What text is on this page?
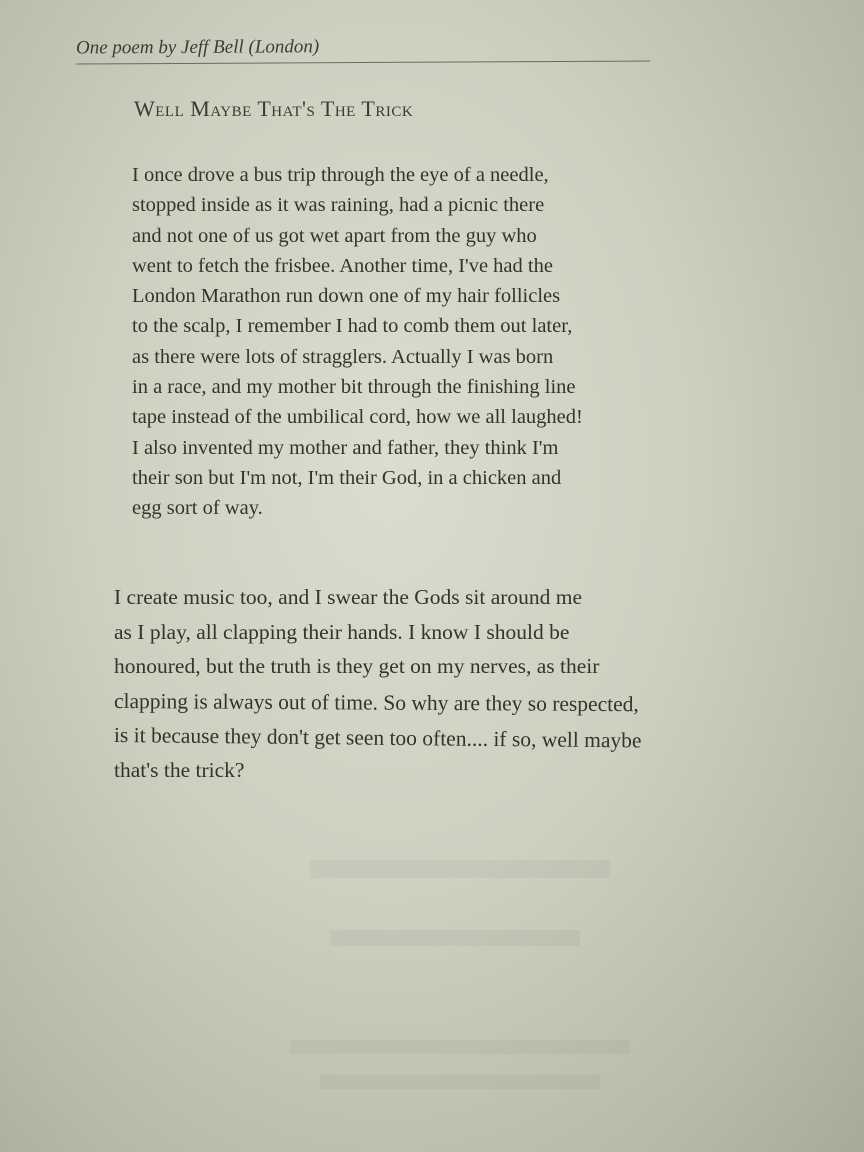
One poem by Jeff Bell (London)
Well Maybe That's The Trick
I once drove a bus trip through the eye of a needle,
stopped inside as it was raining, had a picnic there
and not one of us got wet apart from the guy who
went to fetch the frisbee. Another time, I've had the
London Marathon run down one of my hair follicles
to the scalp, I remember I had to comb them out later,
as there were lots of stragglers. Actually I was born
in a race, and my mother bit through the finishing line
tape instead of the umbilical cord, how we all laughed!
I also invented my mother and father, they think I'm
their son but I'm not, I'm their God, in a chicken and
egg sort of way.
I create music too, and I swear the Gods sit around me
as I play, all clapping their hands. I know I should be
honoured, but the truth is they get on my nerves, as their
clapping is always out of time. So why are they so respected,
is it because they don't get seen too often.... if so, well maybe
that's the trick?
